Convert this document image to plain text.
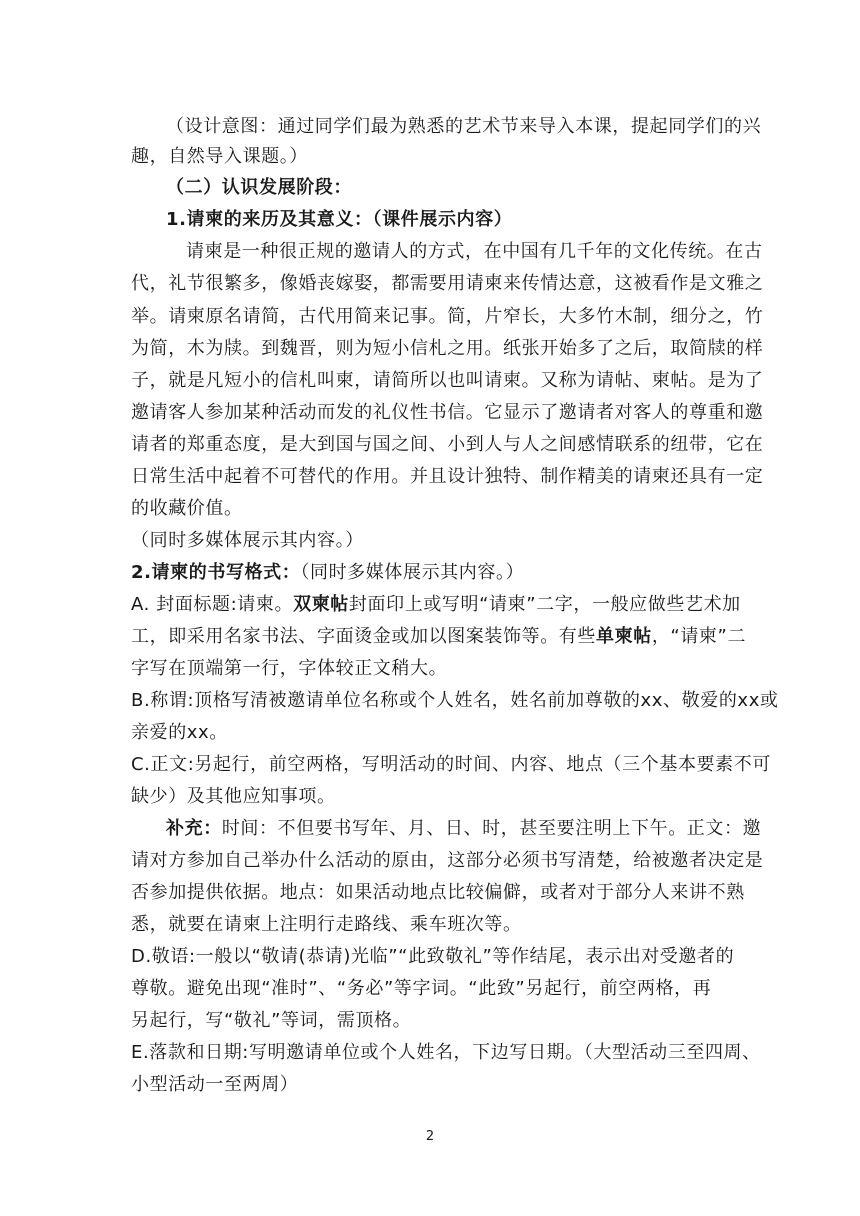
（设计意图：通过同学们最为熟悉的艺术节来导入本课，提起同学们的兴
趣，自然导入课题。）
（二）认识发展阶段：
1.请柬的来历及其意义：（课件展示内容）
请柬是一种很正规的邀请人的方式，在中国有几千年的文化传统。在古
代，礼节很繁多，像婚丧嫁娶，都需要用请柬来传情达意，这被看作是文雅之
举。请柬原名请简，古代用简来记事。简，片窄长，大多竹木制，细分之，竹
为简，木为牍。到魏晋，则为短小信札之用。纸张开始多了之后，取简牍的样
子，就是凡短小的信札叫柬，请简所以也叫请柬。又称为请帖、柬帖。是为了
邀请客人参加某种活动而发的礼仪性书信。它显示了邀请者对客人的尊重和邀
请者的郑重态度，是大到国与国之间、小到人与人之间感情联系的纽带，它在
日常生活中起着不可替代的作用。并且设计独特、制作精美的请柬还具有一定
的收藏价值。
（同时多媒体展示其内容。）
2.请柬的书写格式：（同时多媒体展示其内容。）
A. 封面标题:请柬。双柬帖封面印上或写明“请柬”二字，一般应做些艺术加
工，即采用名家书法、字面烫金或加以图案装饰等。有些单柬帖，“请柬”二
字写在顶端第一行，字体较正文稍大。
B.称谓:顶格写清被邀请单位名称或个人姓名，姓名前加尊敬的xx、敬爱的xx或
亲爱的xx。
C.正文:另起行，前空两格，写明活动的时间、内容、地点（三个基本要素不可
缺少）及其他应知事项。
补充：时间：不但要书写年、月、日、时，甚至要注明上下午。正文：邀
请对方参加自己举办什么活动的原由，这部分必须书写清楚，给被邀者决定是
否参加提供依据。地点：如果活动地点比较偏僻，或者对于部分人来讲不熟
悉，就要在请柬上注明行走路线、乘车班次等。
D.敬语:一般以“敬请(恭请)光临”“此致敬礼”等作结尾，表示出对受邀者的
尊敬。避免出现“准时”、“务必”等字词。“此致”另起行，前空两格，再
另起行，写“敬礼”等词，需顶格。
E.落款和日期:写明邀请单位或个人姓名，下边写日期。（大型活动三至四周、
小型活动一至两周）
2
